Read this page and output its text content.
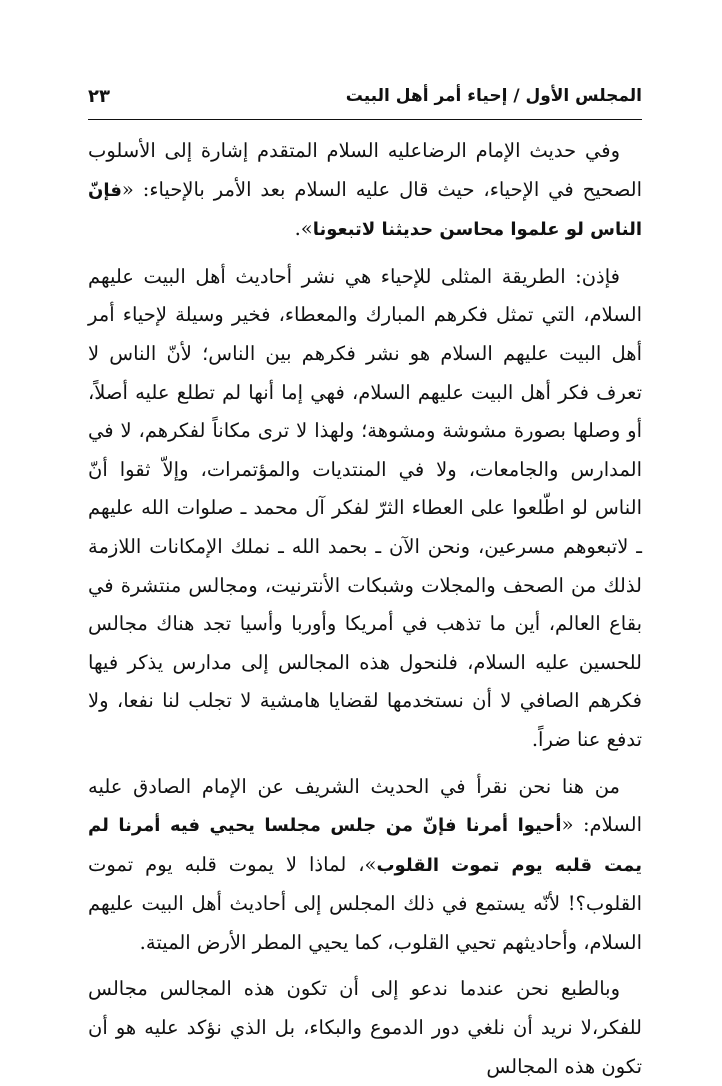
المجلس الأول / إحياء أمر أهل البيت
٢٣

وفي حديث الإمام الرضاعليه السلام المتقدم إشارة إلى الأسلوب الصحيح في الإحياء، حيث قال عليه السلام بعد الأمر بالإحياء: «فإنّ الناس لو علموا محاسن حديثنا لاتبعونا».

فإذن: الطريقة المثلى للإحياء هي نشر أحاديث أهل البيت عليهم السلام، التي تمثل فكرهم المبارك والمعطاء، فخير وسيلة لإحياء أمر أهل البيت عليهم السلام هو نشر فكرهم بين الناس؛ لأنّ الناس لا تعرف فكر أهل البيت عليهم السلام، فهي إما أنها لم تطلع عليه أصلاً، أو وصلها بصورة مشوشة ومشوهة؛ ولهذا لا ترى مكاناً لفكرهم، لا في المدارس والجامعات، ولا في المنتديات والمؤتمرات، وإلاّ ثقوا أنّ الناس لو اطّلعوا على العطاء الثرّ لفكر آل محمد ـ صلوات الله عليهم ـ لاتبعوهم مسرعين، ونحن الآن ـ بحمد الله ـ نملك الإمكانات اللازمة لذلك من الصحف والمجلات وشبكات الأنترنيت، ومجالس منتشرة في بقاع العالم، أين ما تذهب في أمريكا وأوربا وأسيا تجد هناك مجالس للحسين عليه السلام، فلنحول هذه المجالس إلى مدارس يذكر فيها فكرهم الصافي لا أن نستخدمها لقضايا هامشية لا تجلب لنا نفعا، ولا تدفع عنا ضراً.

من هنا نحن نقرأ في الحديث الشريف عن الإمام الصادق عليه السلام: «أحيوا أمرنا فإنّ من جلس مجلسا يحيي فيه أمرنا لم يمت قلبه يوم تموت القلوب»، لماذا لا يموت قلبه يوم تموت القلوب؟! لأنّه يستمع في ذلك المجلس إلى أحاديث أهل البيت عليهم السلام، وأحاديثهم تحيي القلوب، كما يحيي المطر الأرض الميتة.

وبالطبع نحن عندما ندعو إلى أن تكون هذه المجالس مجالس للفكر،لا نريد أن نلغي دور الدموع والبكاء، بل الذي نؤكد عليه هو أن تكون هذه المجالس
